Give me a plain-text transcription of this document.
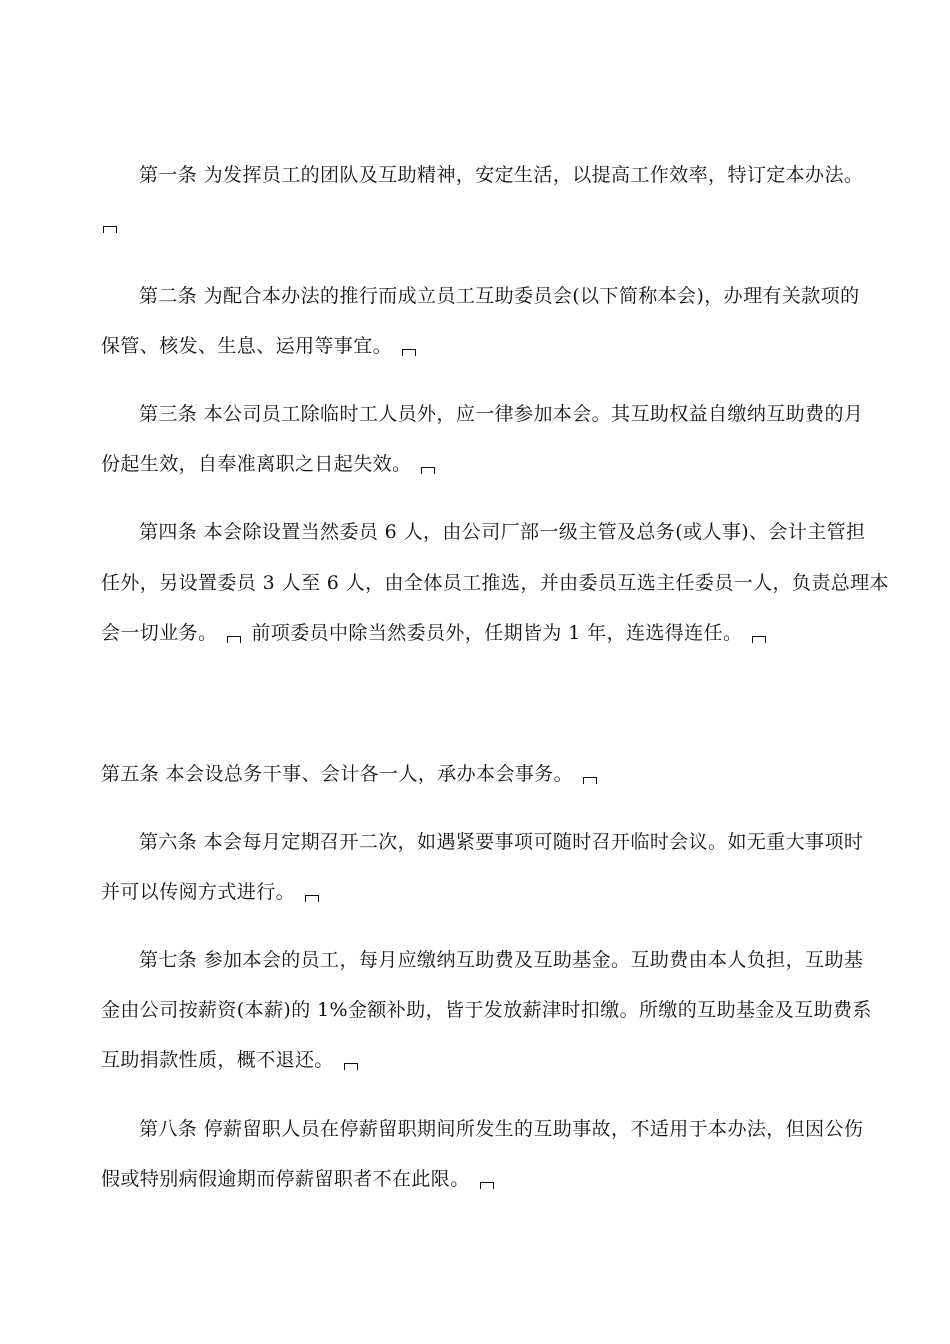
第一条 为发挥员工的团队及互助精神，安定生活，以提高工作效率，特订定本办法。
第二条 为配合本办法的推行而成立员工互助委员会(以下简称本会)，办理有关款项的
保管、核发、生息、运用等事宜。
第三条 本公司员工除临时工人员外，应一律参加本会。其互助权益自缴纳互助费的月
份起生效，自奉准离职之日起失效。
第四条 本会除设置当然委员 6 人，由公司厂部一级主管及总务(或人事)、会计主管担
任外，另设置委员 3 人至 6 人，由全体员工推选，并由委员互选主任委员一人，负责总理本
会一切业务。 前项委员中除当然委员外，任期皆为 1 年，连选得连任。
第五条 本会设总务干事、会计各一人，承办本会事务。
第六条 本会每月定期召开二次，如遇紧要事项可随时召开临时会议。如无重大事项时
并可以传阅方式进行。
第七条 参加本会的员工，每月应缴纳互助费及互助基金。互助费由本人负担，互助基
金由公司按薪资(本薪)的 1%金额补助，皆于发放薪津时扣缴。所缴的互助基金及互助费系
互助捐款性质，概不退还。
第八条 停薪留职人员在停薪留职期间所发生的互助事故，不适用于本办法，但因公伤
假或特别病假逾期而停薪留职者不在此限。
